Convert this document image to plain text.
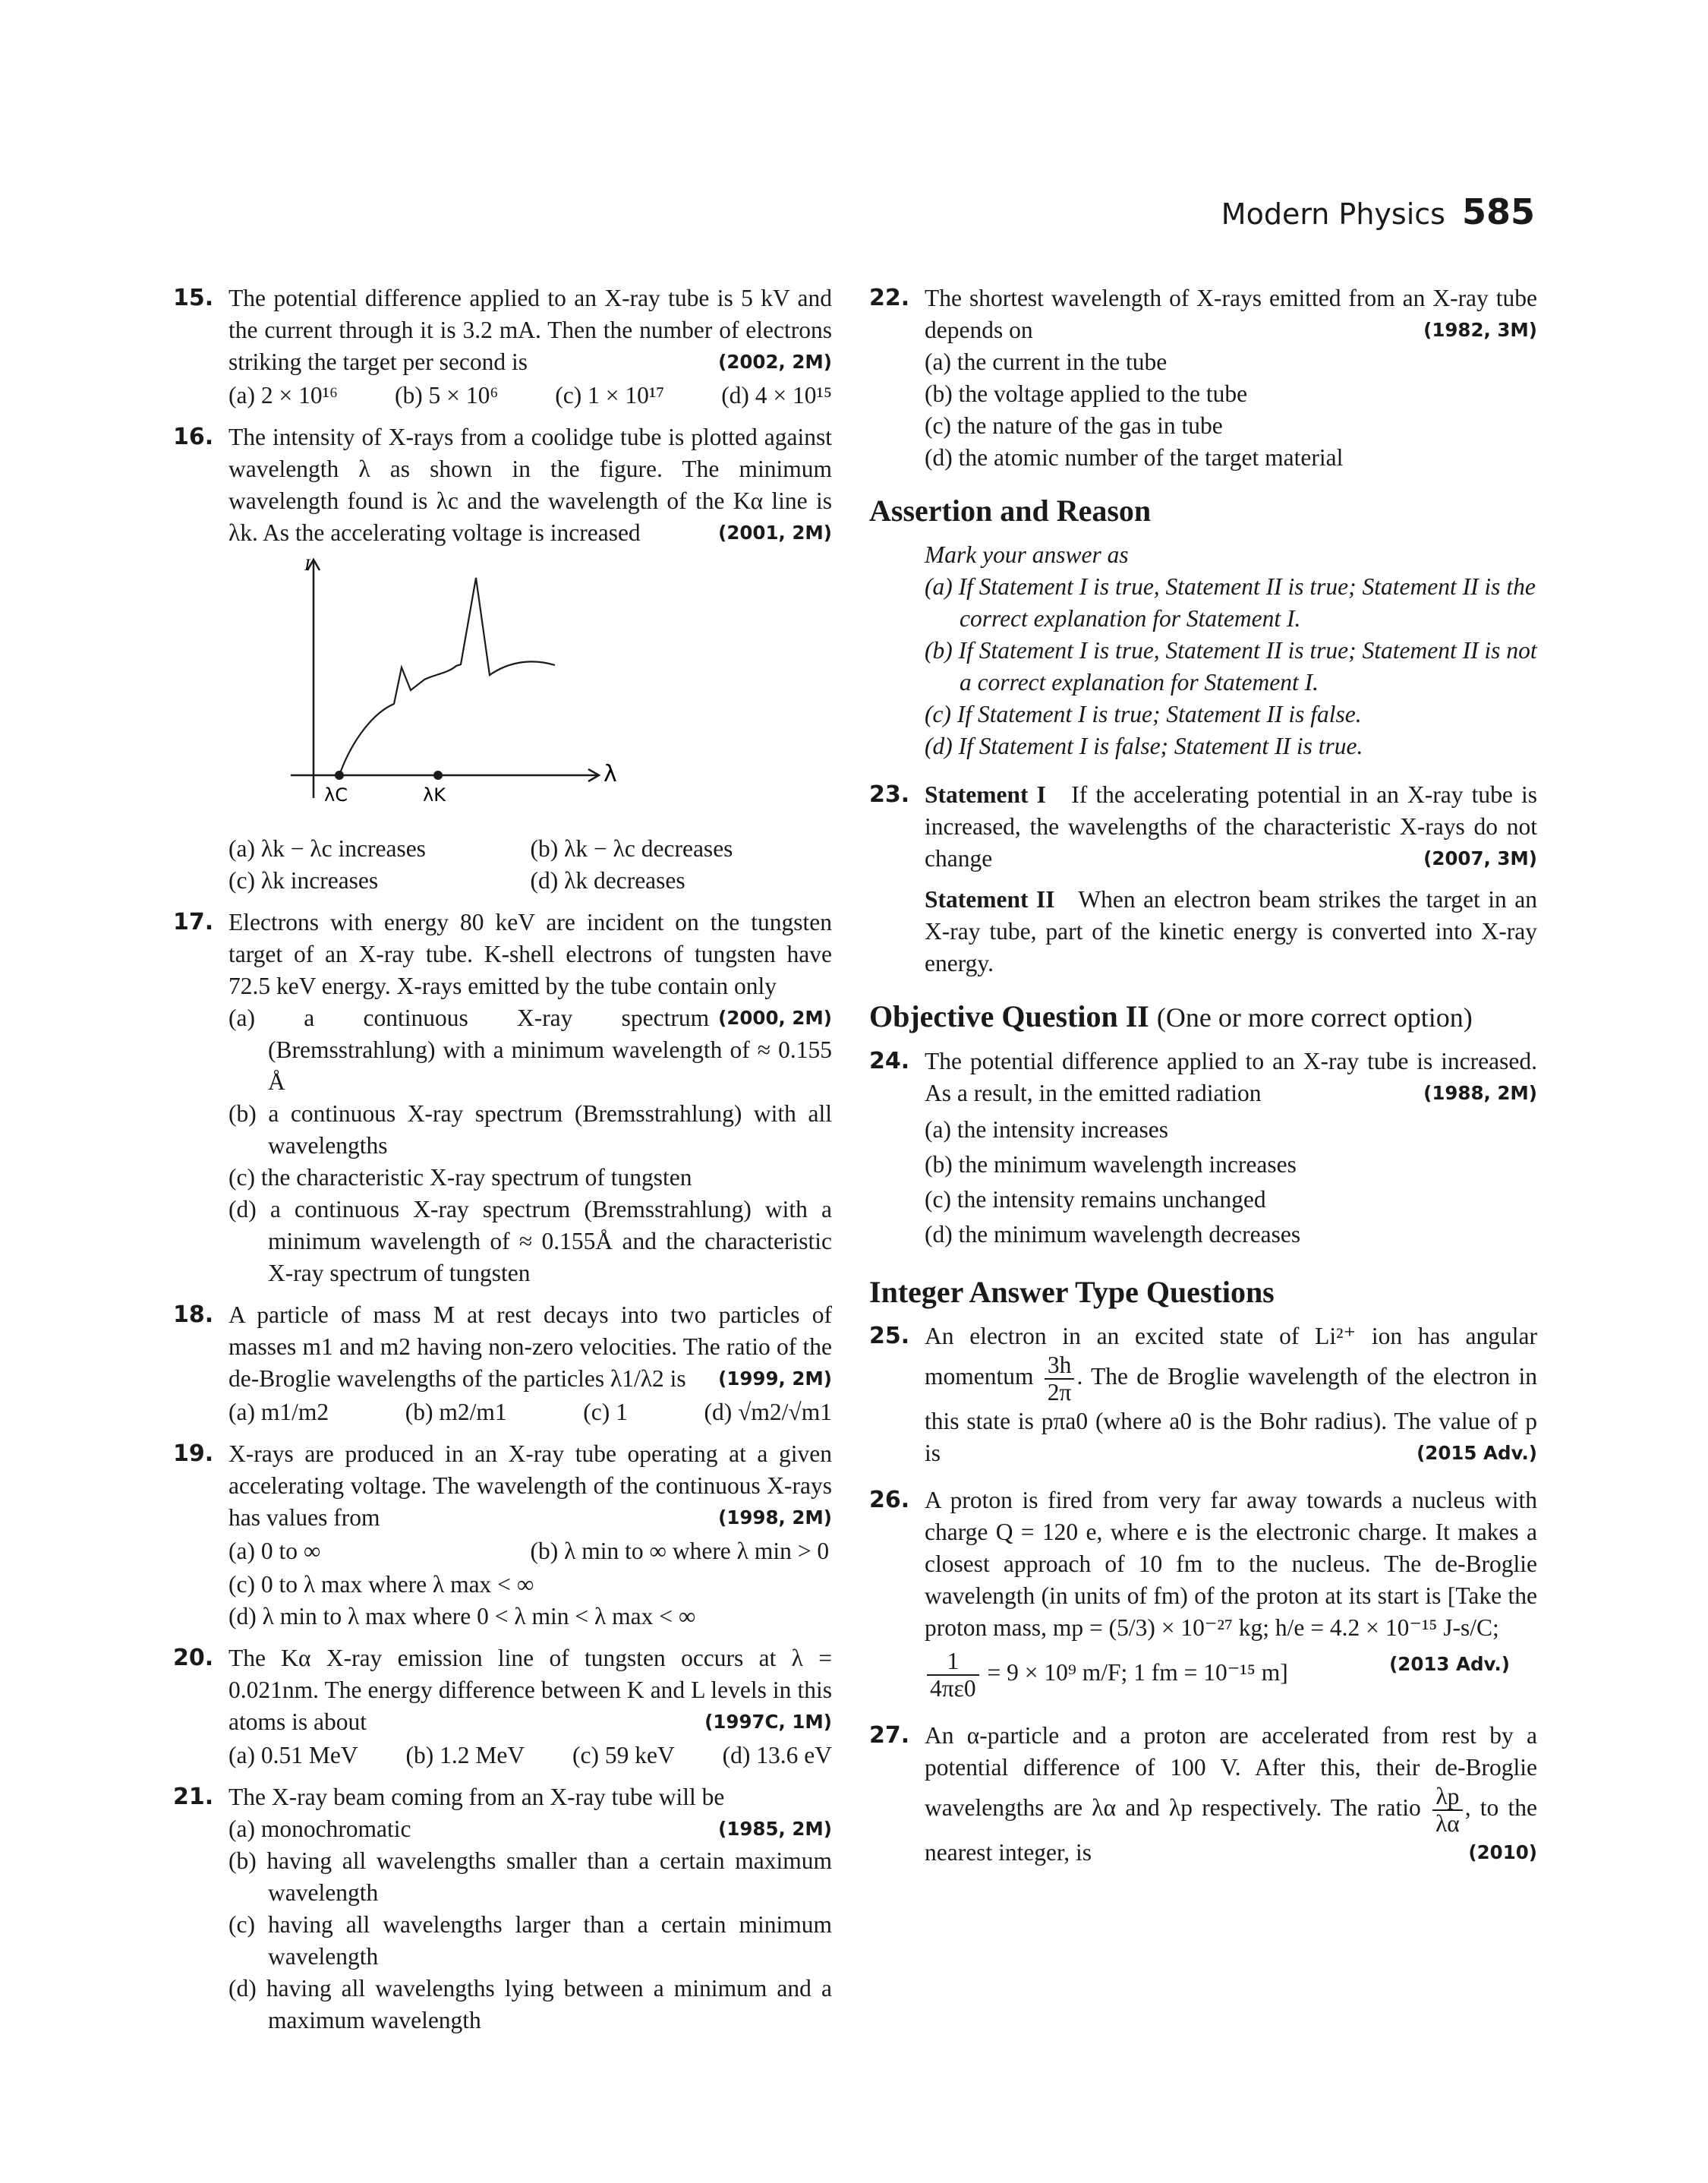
Modern Physics 585
15. The potential difference applied to an X-ray tube is 5 kV and the current through it is 3.2 mA. Then the number of electrons striking the target per second is	(2002, 2M)

(a) 2 × 10¹⁶ (b) 5 × 10⁶ (c) 1 × 10¹⁷ (d) 4 × 10¹⁵
16. The intensity of X-rays from a coolidge tube is plotted against wavelength λ as shown in the figure. The minimum wavelength found is λc and the wavelength of the Kα line is λk. As the accelerating voltage is increased	(2001, 2M)

I
λ
λC	λK
(a) λk − λc increases	(b) λk − λc decreases
(c) λk increases	(d) λk decreases
17. Electrons with energy 80 keV are incident on the tungsten target of an X-ray tube. K-shell electrons of tungsten have 72.5 keV energy. X-rays emitted by the tube contain only
(2000, 2M)

(a) a continuous X-ray spectrum (Bremsstrahlung) with a minimum wavelength of ≈ 0.155 Å

(b) a continuous X-ray spectrum (Bremsstrahlung) with all wavelengths

(c) the characteristic X-ray spectrum of tungsten

(d) a continuous X-ray spectrum (Bremsstrahlung) with a minimum wavelength of ≈ 0.155Å and the characteristic X-ray spectrum of tungsten

18. A particle of mass M at rest decays into two particles of masses m1 and m2 having non-zero velocities. The ratio of the de-Broglie wavelengths of the particles λ1/λ2 is (1999, 2M)

(a) m1/m2	(b) m2/m1	(c) 1	(d) √m2/√m1
19. X-rays are produced in an X-ray tube operating at a given accelerating voltage. The wavelength of the continuous X-rays has values from	(1998, 2M)

(a) 0 to ∞	(b) λ min to ∞ where λ min > 0

(c) 0 to λ max where λ max < ∞

(d) λ min to λ max where 0 < λ min < λ max < ∞

20. The Kα X-ray emission line of tungsten occurs at λ = 0.021nm. The energy difference between K and L levels in this atoms is about	(1997C, 1M)

(a) 0.51 MeV (b) 1.2 MeV (c) 59 keV (d) 13.6 eV
21. The X-ray beam coming from an X-ray tube will be

(a) monochromatic	(1985, 2M)

(b) having all wavelengths smaller than a certain maximum wavelength

(c) having all wavelengths larger than a certain minimum wavelength

(d) having all wavelengths lying between a minimum and a maximum wavelength

22. The shortest wavelength of X-rays emitted from an X-ray tube depends on	(1982, 3M)

(a) the current in the tube

(b) the voltage applied to the tube

(c) the nature of the gas in tube

(d) the atomic number of the target material

Assertion and Reason

Mark your answer as

(a) If Statement I is true, Statement II is true; Statement II is the correct explanation for Statement I.

(b) If Statement I is true, Statement II is true; Statement II is not a correct explanation for Statement I.

(c) If Statement I is true; Statement II is false.

(d) If Statement I is false; Statement II is true.

23. Statement I If the accelerating potential in an X-ray tube is increased, the wavelengths of the characteristic X-rays do not change	(2007, 3M)

Statement II When an electron beam strikes the target in an X-ray tube, part of the kinetic energy is converted into X-ray energy.

Objective Question II (One or more correct option)
24. The potential difference applied to an X-ray tube is increased. As a result, in the emitted radiation	(1988, 2M)

(a) the intensity increases

(b) the minimum wavelength increases

(c) the intensity remains unchanged

(d) the minimum wavelength decreases

Integer Answer Type Questions
25. An electron in an excited state of Li²⁺ ion has angular momentum $\frac{3h}{2\pi}$ . The de Broglie wavelength of the electron in this state is pπa0 (where a0 is the Bohr radius). The value of p is	(2015 Adv.)

26. A proton is fired from very far away towards a nucleus with charge Q = 120 e, where e is the electronic charge. It makes a closest approach of 10 fm to the nucleus. The de-Broglie wavelength (in units of fm) of the proton at its start is [Take the proton mass, mp = (5/3) × 10⁻²⁷ kg; h/e = 4.2 × 10⁻¹⁵ J-s/C;

$\frac{1}{4\pi\varepsilon 0} = 9 \times 10^9$ m/F; 1 fm = 10⁻¹⁵ m]	(2013 Adv.)

27. An α-particle and a proton are accelerated from rest by a potential difference of 100 V. After this, their de-Broglie wavelengths are λα and λp respectively. The ratio $\frac{\lambda p}{\lambda\alpha}$ , to the nearest integer, is	(2010)
